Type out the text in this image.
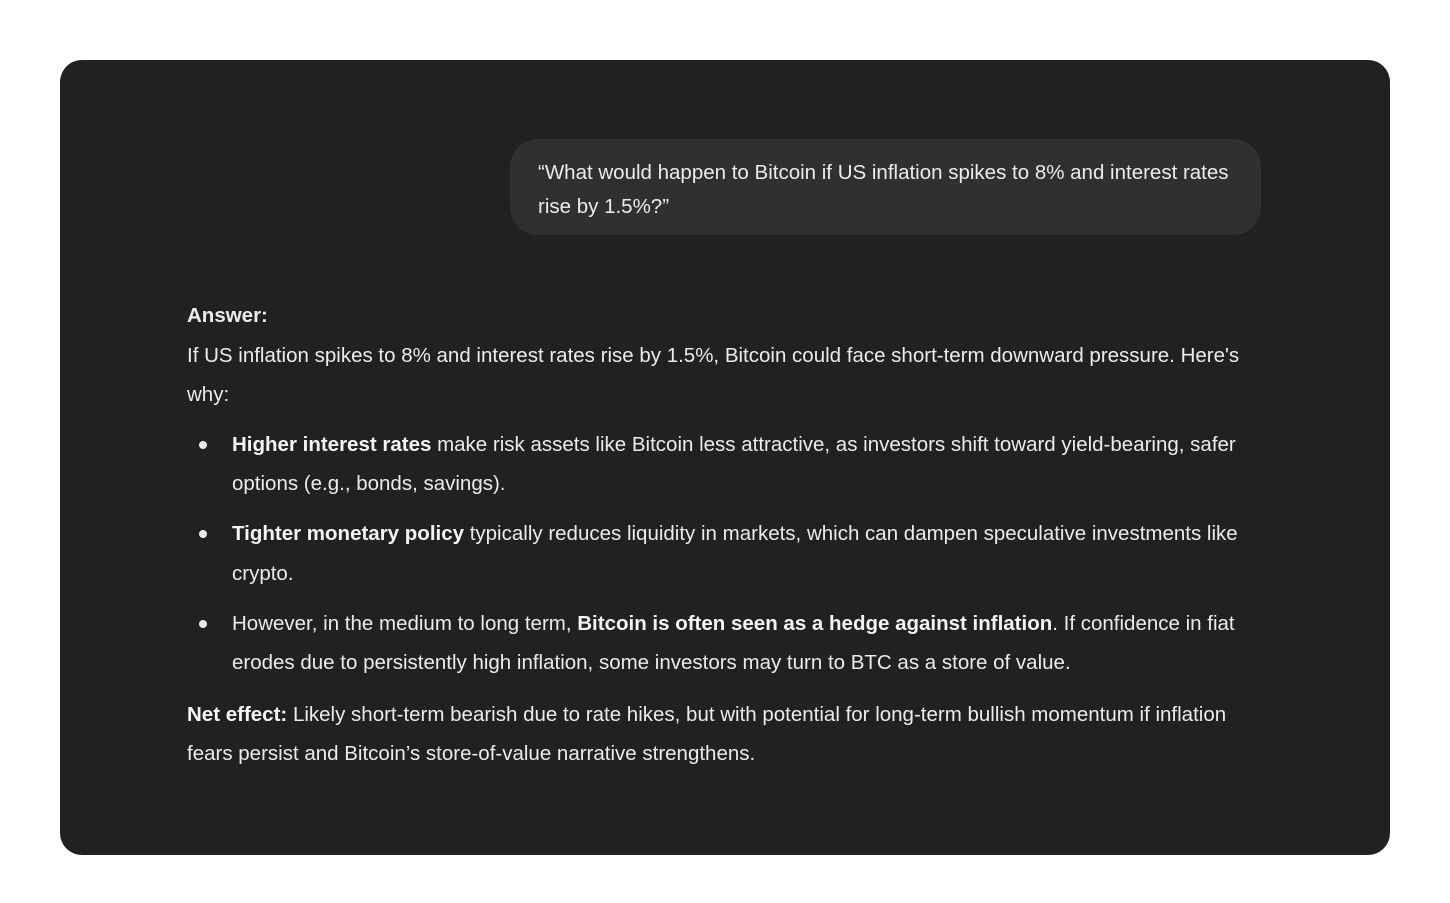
“What would happen to Bitcoin if US inflation spikes to 8% and interest rates rise by 1.5%?”
Answer:

If US inflation spikes to 8% and interest rates rise by 1.5%, Bitcoin could face short-term downward pressure. Here's why:

Higher interest rates make risk assets like Bitcoin less attractive, as investors shift toward yield-bearing, safer options (e.g., bonds, savings).
Tighter monetary policy typically reduces liquidity in markets, which can dampen speculative investments like crypto.
However, in the medium to long term, Bitcoin is often seen as a hedge against inflation. If confidence in fiat erodes due to persistently high inflation, some investors may turn to BTC as a store of value.

Net effect: Likely short-term bearish due to rate hikes, but with potential for long-term bullish momentum if inflation fears persist and Bitcoin’s store-of-value narrative strengthens.
